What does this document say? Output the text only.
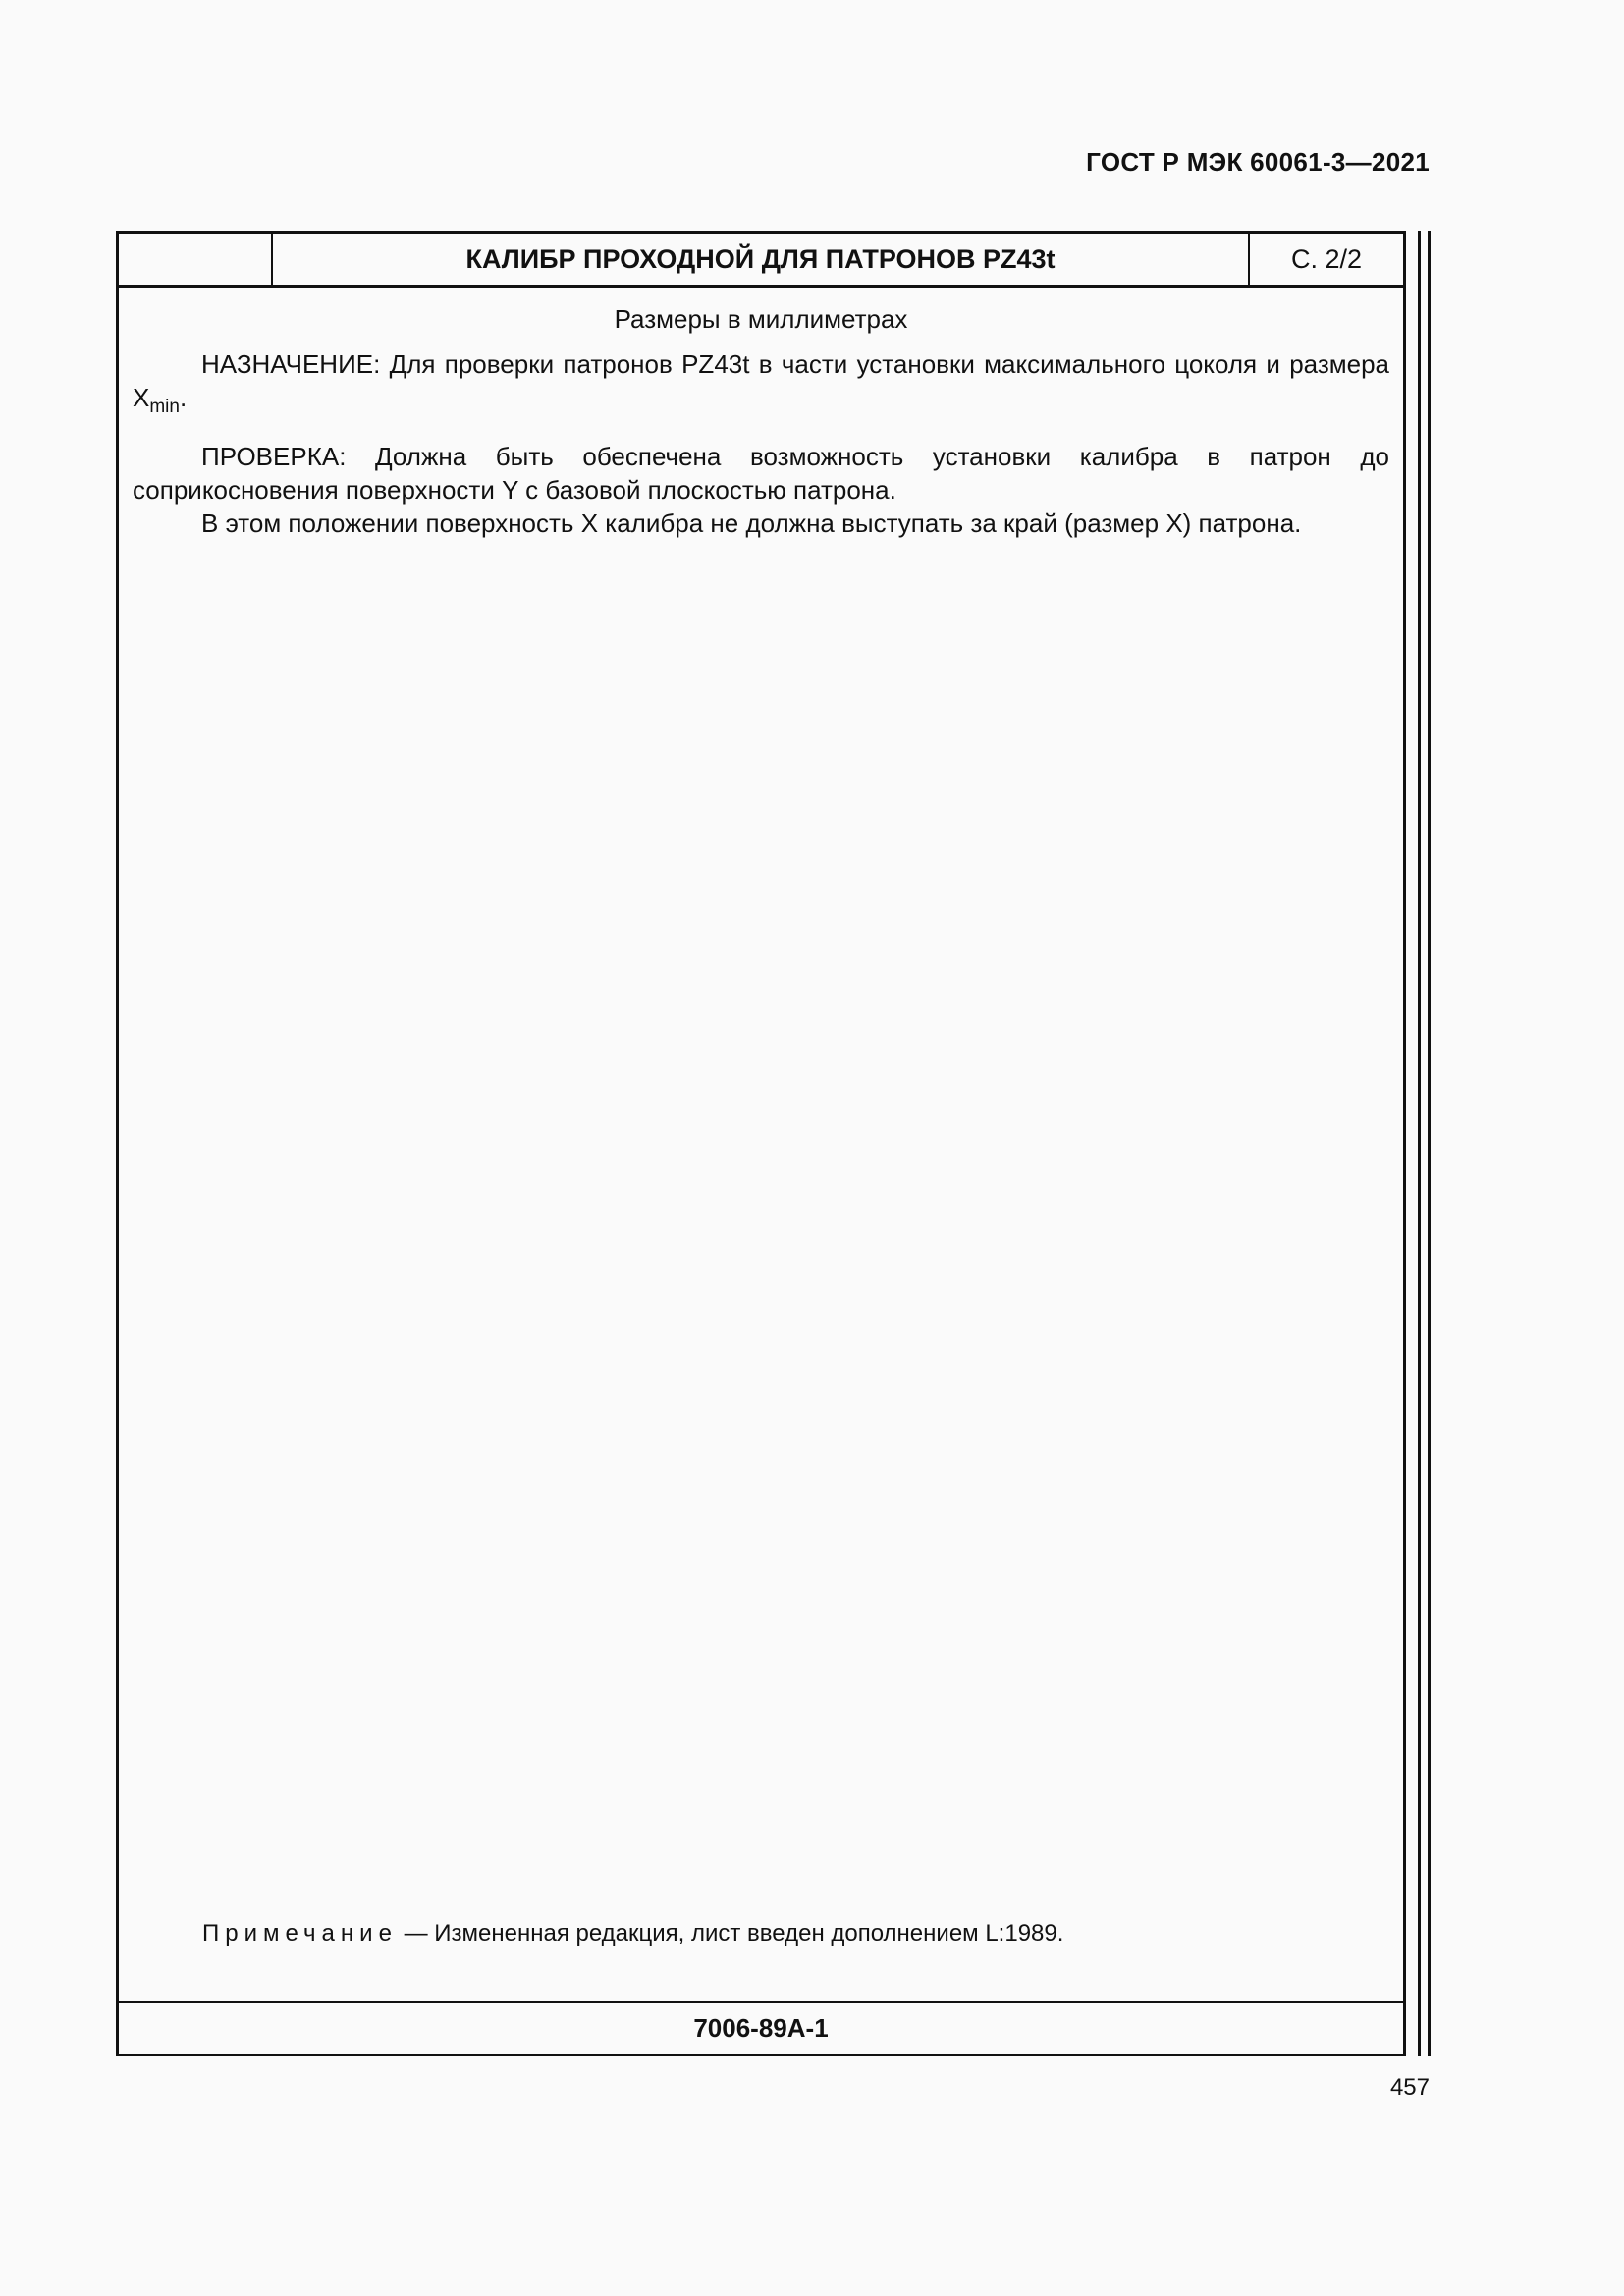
ГОСТ Р МЭК 60061-3—2021
КАЛИБР ПРОХОДНОЙ ДЛЯ ПАТРОНОВ PZ43t	С. 2/2
Размеры в миллиметрах

НАЗНАЧЕНИЕ: Для проверки патронов PZ43t в части установки максимального цоколя и размера $X_{min}$.

ПРОВЕРКА: Должна быть обеспечена возможность установки калибра в патрон до соприкосновения поверхности Y с базовой плоскостью патрона.

В этом положении поверхность X калибра не должна выступать за край (размер X) патрона.

Примечание — Измененная редакция, лист введен дополнением L:1989.
7006-89A-1
457
